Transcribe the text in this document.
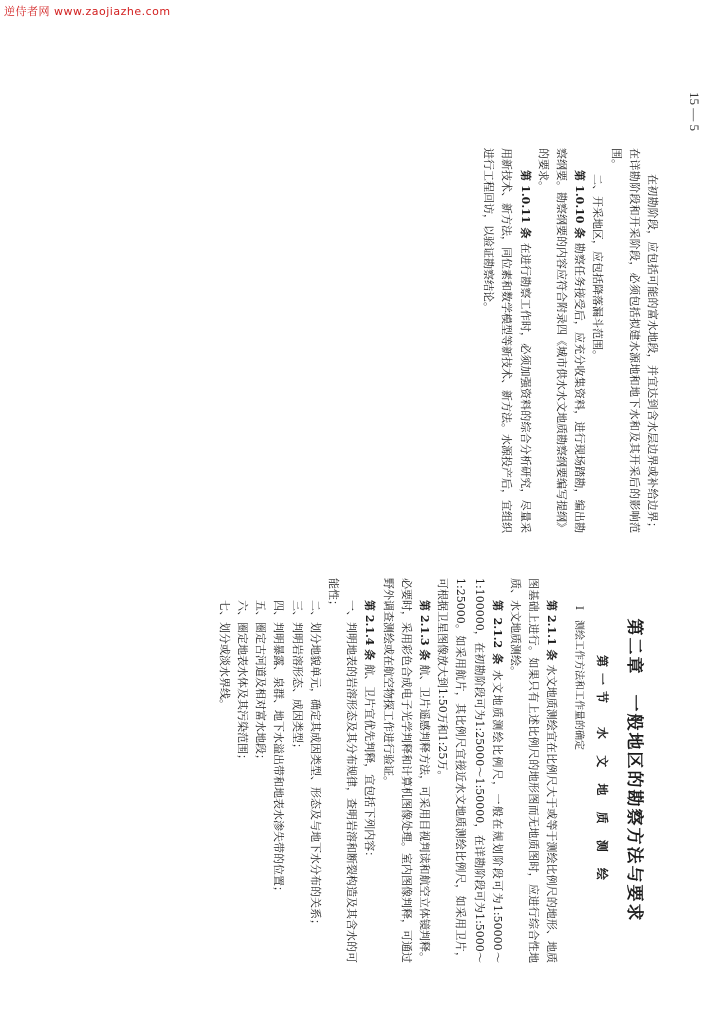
逆侍者网 www.zaojiazhe.com
15 — 5

在初勘阶段，应包括可能的富水地段，并宜达到含水层边界或补给边界；在详勘阶段和开采阶段，必须包括拟建水源地和地下水和及其开采后的影响范围。

二、开采地区，应包括降落漏斗范围。

第 1.0.10 条勘察任务接受后，应充分收集资料，进行现场踏勘，编出勘察纲要。勘察纲要的内容应符合附录四《城市供水水文地质勘察纲要编写提纲》的要求。

第 1.0.11 条在进行勘察工作时，必须加强资料的综合分析研究，尽量采用新技术、新方法，同位素和数学模型等新技术、新方法。水源投产后，宜组织进行工程回访，以验证勘察结论。

第二章　一般地区的勘察方法与要求
第一节　水 文 地 质 测 绘
Ⅰ　测绘工作方法和工作量的确定

第 2.1.1 条水文地质测绘宜在比例尺大于或等于测绘比例尺的地形、地质图基础上进行。如果只有上述比例尺的地形图而无地质图时，应进行综合性地质、水文地质测绘。

第 2.1.2 条水文地质测绘比例尺，一般在规划阶段可为1:50000～1:100000，在初勘阶段可为1:25000～1:50000，在详勘阶段可为1:5000～1:25000。如采用航片，其比例尺宜接近水文地质测绘比例尺，如采用卫片，可根据卫星图像放大到1:50万和1:25万。

第 2.1.3 条航、卫片遥感判释方法，可采用目视判读和航空立体镜判释。必要时，采用彩色合成电子光学判释和计算机图像处理。室内图像判释，可通过野外调查测绘或在航空物探工作进行验证。

第 2.1.4 条航、卫片宜优先判释，宜包括下列内容：

一、判明地表的岩溶形态及其分布规律，查明岩溶和断裂构造及其含水的可能性；

二、划分地貌单元，确定其成因类型、形态及与地下水分布的关系；

三、判明岩溶形态、成因类型；

四、判明暴露、泉群、地下水溢出带和地表水渗失带的位置；

五、圈定古河道及相对富水地段；

六、圈定地表水体及其污染范围；

七、划分或淡水界线。
